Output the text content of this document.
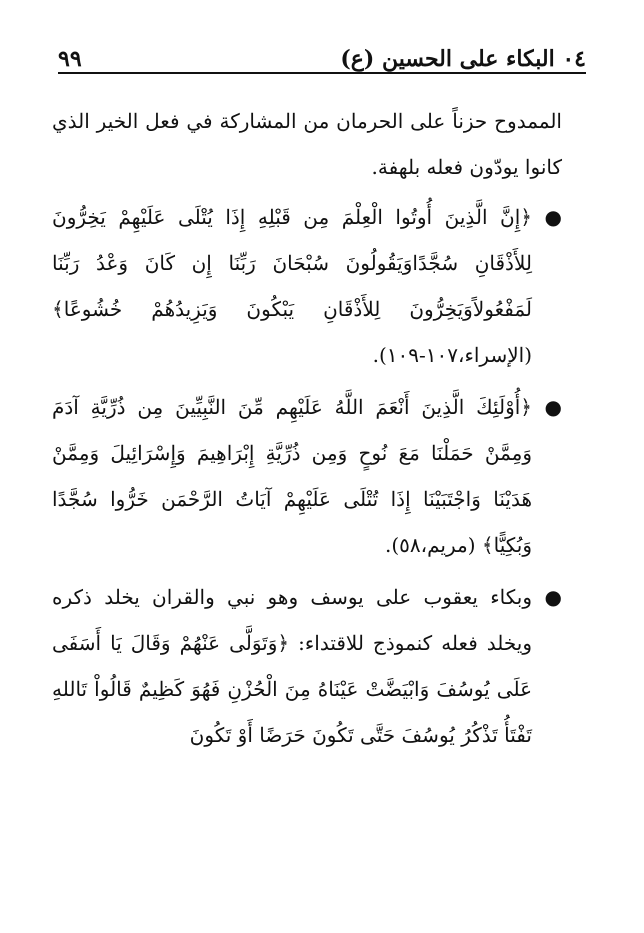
٠٤ البكاء على الحسين (ع)
٩٩

الممدوح حزناً على الحرمان من المشاركة في فعل الخير الذي كانوا يودّون فعله بلهفة.

●
﴿إِنَّ الَّذِينَ أُوتُوا الْعِلْمَ مِن قَبْلِهِ إِذَا يُتْلَى عَلَيْهِمْ يَخِرُّونَ لِلأَذْقَانِ سُجَّدًاوَيَقُولُونَ سُبْحَانَ رَبِّنَا إِن كَانَ وَعْدُ رَبِّنَا لَمَفْعُولاًوَيَخِرُّونَ لِلأَذْقَانِ يَبْكُونَ وَيَزِيدُهُمْ خُشُوعًا﴾ (الإسراء،١٠٧-١٠٩).
●
﴿أُوْلَئِكَ الَّذِينَ أَنْعَمَ اللَّهُ عَلَيْهِم مِّنَ النَّبِيِّينَ مِن ذُرِّيَّةِ آدَمَ وَمِمَّنْ حَمَلْنَا مَعَ نُوحٍ وَمِن ذُرِّيَّةِ إِبْرَاهِيمَ وَإِسْرَائِيلَ وَمِمَّنْ هَدَيْنَا وَاجْتَبَيْنَا إِذَا تُتْلَى عَلَيْهِمْ آيَاتُ الرَّحْمَن خَرُّوا سُجَّدًا وَبُكِيًّا﴾ (مريم،٥٨).
●
وبكاء يعقوب على يوسف وهو نبي والقران يخلد ذكره ويخلد فعله كنموذج للاقتداء: ﴿وَتَوَلَّى عَنْهُمْ وَقَالَ يَا أَسَفَى عَلَى يُوسُفَ وَابْيَضَّتْ عَيْنَاهُ مِنَ الْحُزْنِ فَهُوَ كَظِيمٌ قَالُواْ تَاللهِ تَفْتَأُ تَذْكُرُ يُوسُفَ حَتَّى تَكُونَ حَرَضًا أَوْ تَكُونَ
